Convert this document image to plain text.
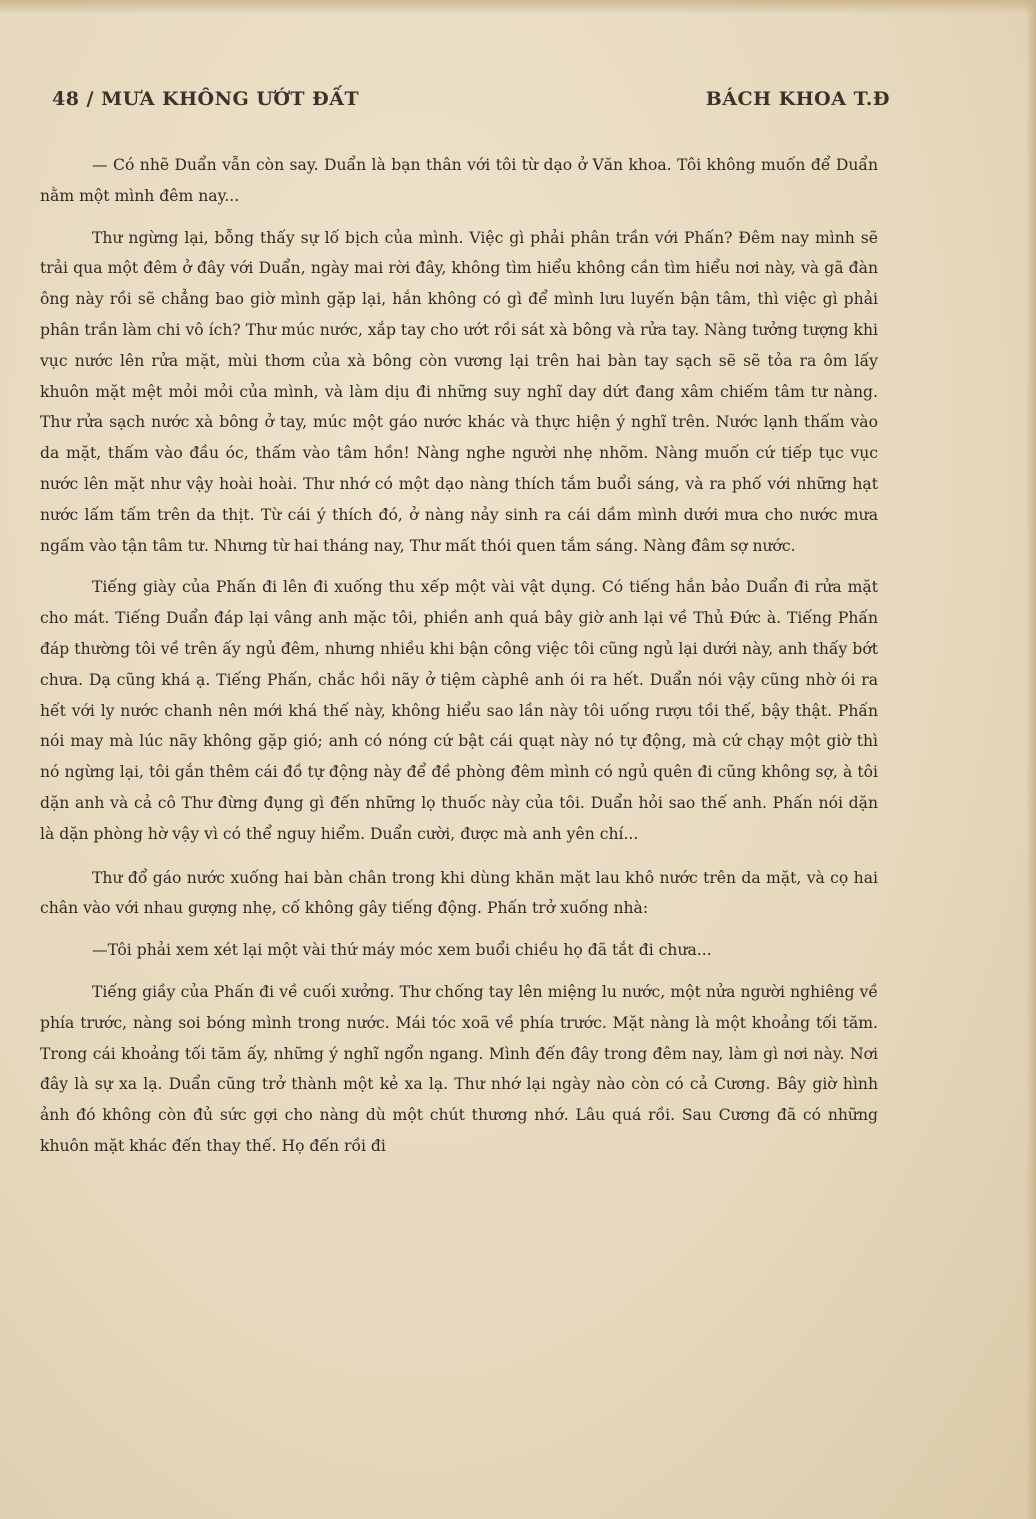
48 / MƯA KHÔNG ƯỚT ĐẤT	BÁCH KHOA T.Đ

— Có nhẽ Duẩn vẫn còn say. Duẩn là bạn thân với tôi từ dạo ở Văn khoa. Tôi không muốn để Duẩn nằm một mình đêm nay...

Thư ngừng lại, bỗng thấy sự lố bịch của mình. Việc gì phải phân trần với Phấn? Đêm nay mình sẽ trải qua một đêm ở đây với Duẩn, ngày mai rời đây, không tìm hiểu không cần tìm hiểu nơi này, và gã đàn ông này rồi sẽ chẳng bao giờ mình gặp lại, hắn không có gì để mình lưu luyến bận tâm, thì việc gì phải phân trần làm chi vô ích? Thư múc nước, xắp tay cho ướt rồi sát xà bông và rửa tay. Nàng tưởng tượng khi vục nước lên rửa mặt, mùi thơm của xà bông còn vương lại trên hai bàn tay sạch sẽ sẽ tỏa ra ôm lấy khuôn mặt mệt mỏi mỏi của mình, và làm dịu đi những suy nghĩ day dứt đang xâm chiếm tâm tư nàng. Thư rửa sạch nước xà bông ở tay, múc một gáo nước khác và thực hiện ý nghĩ trên. Nước lạnh thấm vào da mặt, thấm vào đầu óc, thấm vào tâm hồn! Nàng nghe người nhẹ nhõm. Nàng muốn cứ tiếp tục vục nước lên mặt như vậy hoài hoài. Thư nhớ có một dạo nàng thích tắm buổi sáng, và ra phố với những hạt nước lấm tấm trên da thịt. Từ cái ý thích đó, ở nàng nảy sinh ra cái dầm mình dưới mưa cho nước mưa ngấm vào tận tâm tư. Nhưng từ hai tháng nay, Thư mất thói quen tắm sáng. Nàng đâm sợ nước.

Tiếng giày của Phấn đi lên đi xuống thu xếp một vài vật dụng. Có tiếng hắn bảo Duẩn đi rửa mặt cho mát. Tiếng Duẩn đáp lại vâng anh mặc tôi, phiền anh quá bây giờ anh lại về Thủ Đức à. Tiếng Phấn đáp thường tôi về trên ấy ngủ đêm, nhưng nhiều khi bận công việc tôi cũng ngủ lại dưới này, anh thấy bớt chưa. Dạ cũng khá ạ. Tiếng Phấn, chắc hồi nãy ở tiệm càphê anh ói ra hết. Duẩn nói vậy cũng nhờ ói ra hết với ly nước chanh nên mới khá thế này, không hiểu sao lần này tôi uống rượu tồi thế, bậy thật. Phấn nói may mà lúc nãy không gặp gió; anh có nóng cứ bật cái quạt này nó tự động, mà cứ chạy một giờ thì nó ngừng lại, tôi gắn thêm cái đồ tự động này để đề phòng đêm mình có ngủ quên đi cũng không sợ, à tôi dặn anh và cả cô Thư đừng đụng gì đến những lọ thuốc này của tôi. Duẩn hỏi sao thế anh. Phấn nói dặn là dặn phòng hờ vậy vì có thể nguy hiểm. Duẩn cười, được mà anh yên chí...

Thư đổ gáo nước xuống hai bàn chân trong khi dùng khăn mặt lau khô nước trên da mặt, và cọ hai chân vào với nhau gượng nhẹ, cố không gây tiếng động. Phấn trở xuống nhà:

—Tôi phải xem xét lại một vài thứ máy móc xem buổi chiều họ đã tắt đi chưa...

Tiếng giầy của Phấn đi về cuối xưởng. Thư chống tay lên miệng lu nước, một nửa người nghiêng về phía trước, nàng soi bóng mình trong nước. Mái tóc xoã về phía trước. Mặt nàng là một khoảng tối tăm. Trong cái khoảng tối tăm ấy, những ý nghĩ ngổn ngang. Mình đến đây trong đêm nay, làm gì nơi này. Nơi đây là sự xa lạ. Duẩn cũng trở thành một kẻ xa lạ. Thư nhớ lại ngày nào còn có cả Cương. Bây giờ hình ảnh đó không còn đủ sức gợi cho nàng dù một chút thương nhớ. Lâu quá rồi. Sau Cương đã có những khuôn mặt khác đến thay thế. Họ đến rồi đi
